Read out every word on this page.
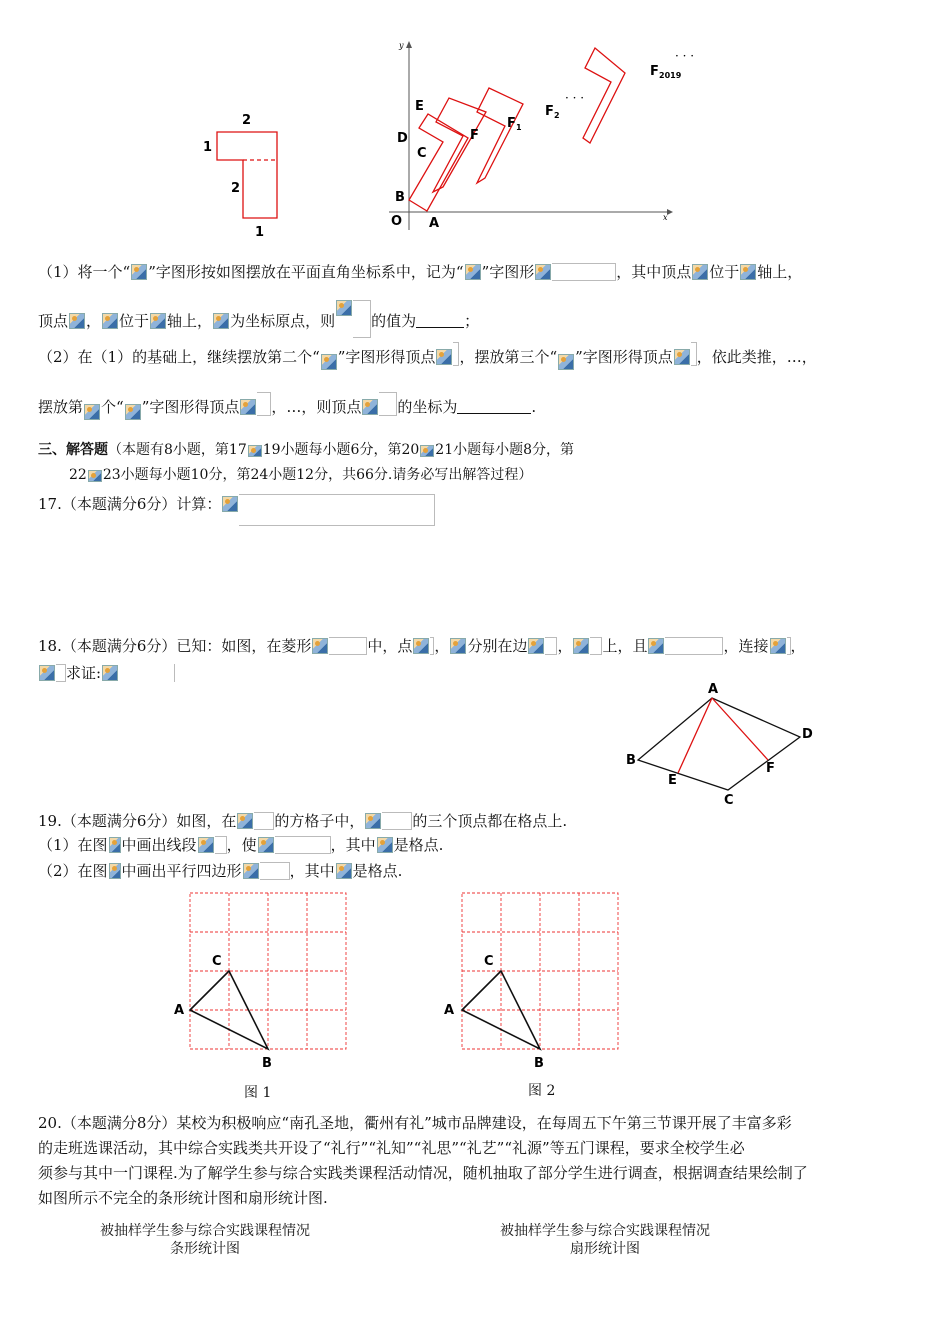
2
1
2
1
x
y
O
E
D
C
B
A
F
F 1
F 2
· · ·
F 2019
· · ·
（1）将一个“ ”字图形按如图摆放在平面直角坐标系中，记为“ ”字图形	，其中顶点 位于 轴上，
顶点 ， 位于 轴上， 为坐标原点，则 的值为	；
（2）在（1）的基础上，继续摆放第二个“ ”字图形得顶点 ，摆放第三个“ ”字图形得顶点 ，依此类推，…，
摆放第 个“ ”字图形得顶点 ，…，则顶点 的坐标为	.
三、解答题（本题有8小题，第17 19小题每小题6分，第20 21小题每小题8分，第
22 23小题每小题10分，第24小题12分，共66分.请务必写出解答过程）
17.（本题满分6分）计算：
18.（本题满分6分）已知：如图，在菱形	中，点 ， 分别在边 ， 上，且	，连接 ，
求证:
A
B
C
D
E
F
19.（本题满分6分）如图，在	的方格子中，	的三个顶点都在格点上.
（1）在图 中画出线段 ，使	，其中 是格点.
（2）在图 中画出平行四边形	，其中 是格点.
C
A
B
C
A
B
图 1	图 2
20.（本题满分8分）某校为积极响应“南孔圣地，衢州有礼”城市品牌建设，在每周五下午第三节课开展了丰富多彩
的走班选课活动，其中综合实践类共开设了“礼行”“礼知”“礼思”“礼艺”“礼源”等五门课程，要求全校学生必
须参与其中一门课程.为了解学生参与综合实践类课程活动情况，随机抽取了部分学生进行调查，根据调查结果绘制了
如图所示不完全的条形统计图和扇形统计图.
被抽样学生参与综合实践课程情况
条形统计图
被抽样学生参与综合实践课程情况
扇形统计图
